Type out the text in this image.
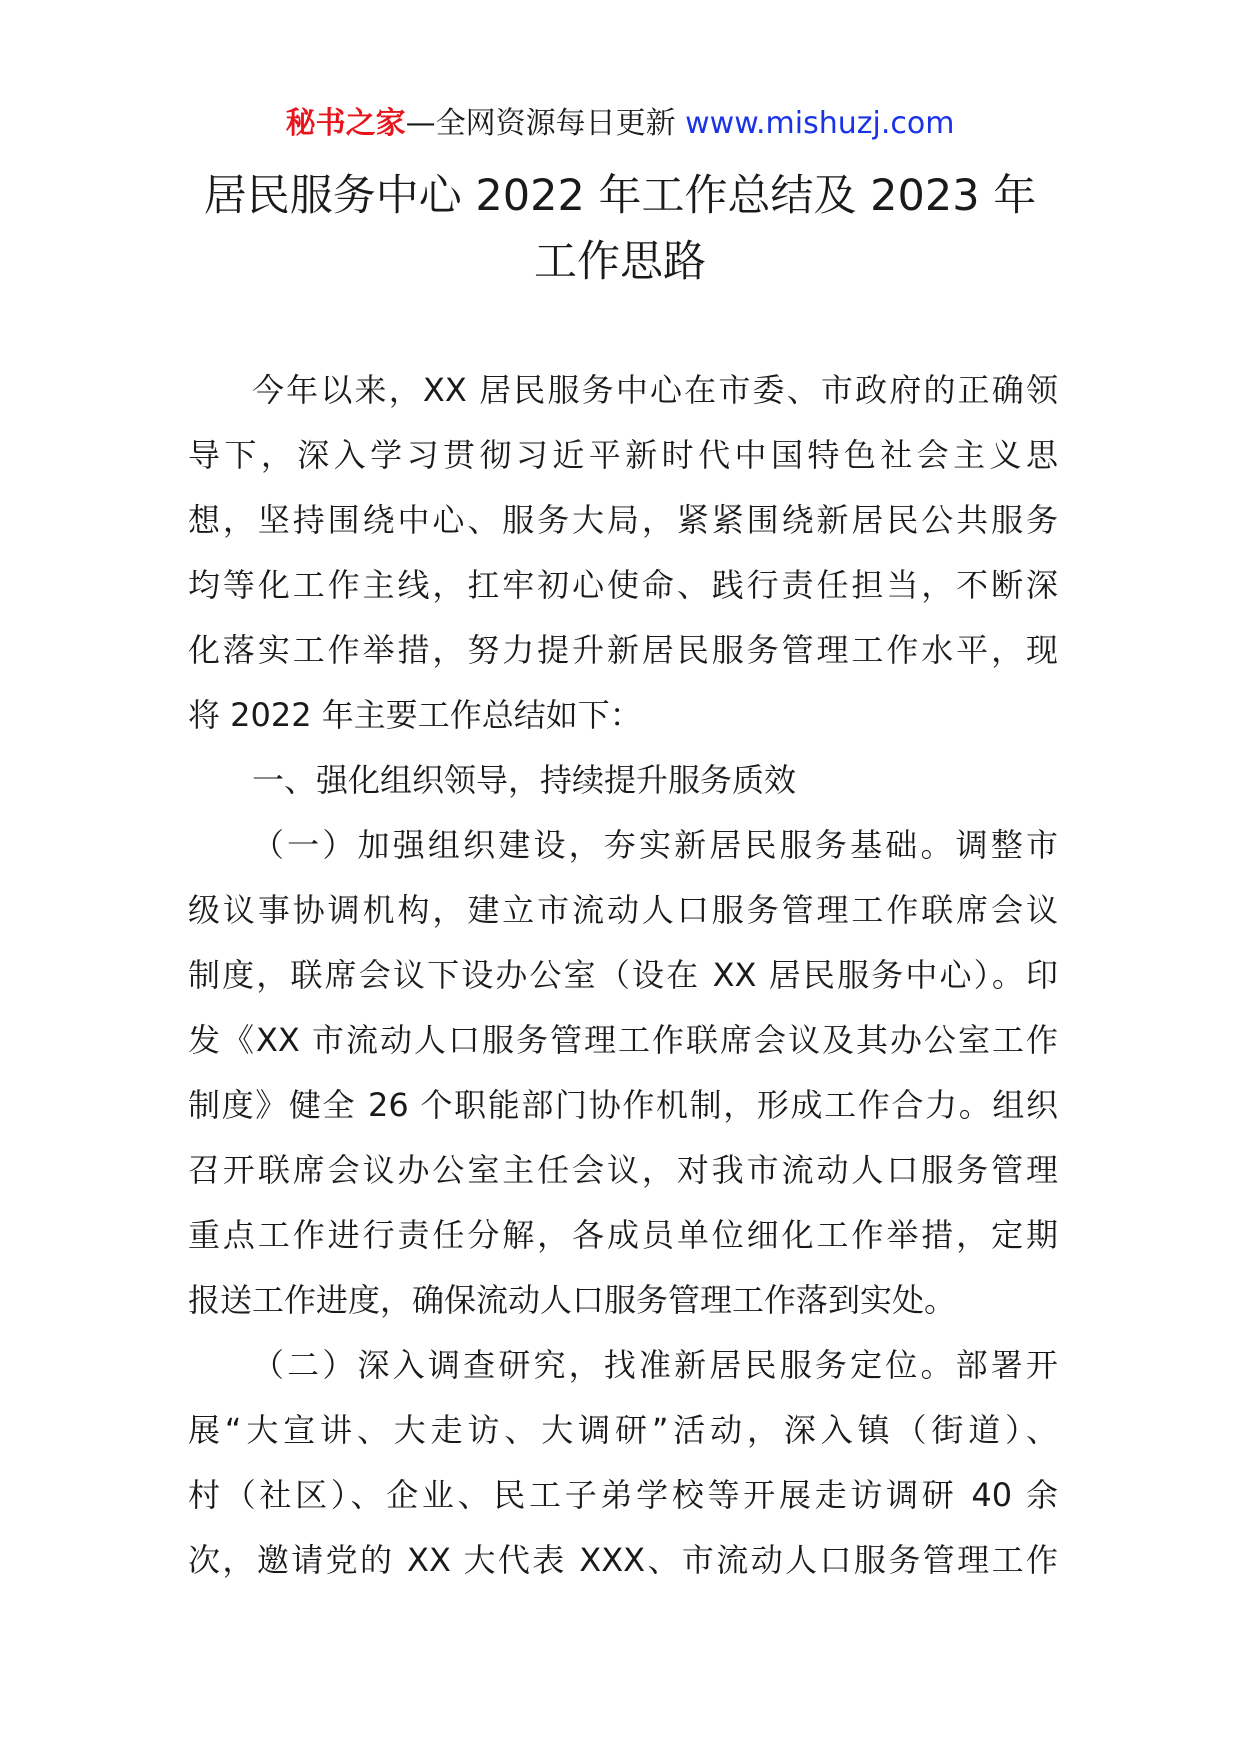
秘书之家—全网资源每日更新 www.mishuzj.com
居民服务中心 2022 年工作总结及 2023 年
工作思路
今年以来，XX 居民服务中心在市委、市政府的正确领
导下，深入学习贯彻习近平新时代中国特色社会主义思
想，坚持围绕中心、服务大局，紧紧围绕新居民公共服务
均等化工作主线，扛牢初心使命、践行责任担当，不断深
化落实工作举措，努力提升新居民服务管理工作水平，现
将 2022 年主要工作总结如下：
一、强化组织领导，持续提升服务质效
（一）加强组织建设，夯实新居民服务基础。调整市
级议事协调机构，建立市流动人口服务管理工作联席会议
制度，联席会议下设办公室（设在 XX 居民服务中心）。印
发《XX 市流动人口服务管理工作联席会议及其办公室工作
制度》健全 26 个职能部门协作机制，形成工作合力。组织
召开联席会议办公室主任会议，对我市流动人口服务管理
重点工作进行责任分解，各成员单位细化工作举措，定期
报送工作进度，确保流动人口服务管理工作落到实处。
（二）深入调查研究，找准新居民服务定位。部署开
展“大宣讲、大走访、大调研”活动，深入镇（街道）、
村（社区）、企业、民工子弟学校等开展走访调研 40 余
次，邀请党的 XX 大代表 XXX、市流动人口服务管理工作
